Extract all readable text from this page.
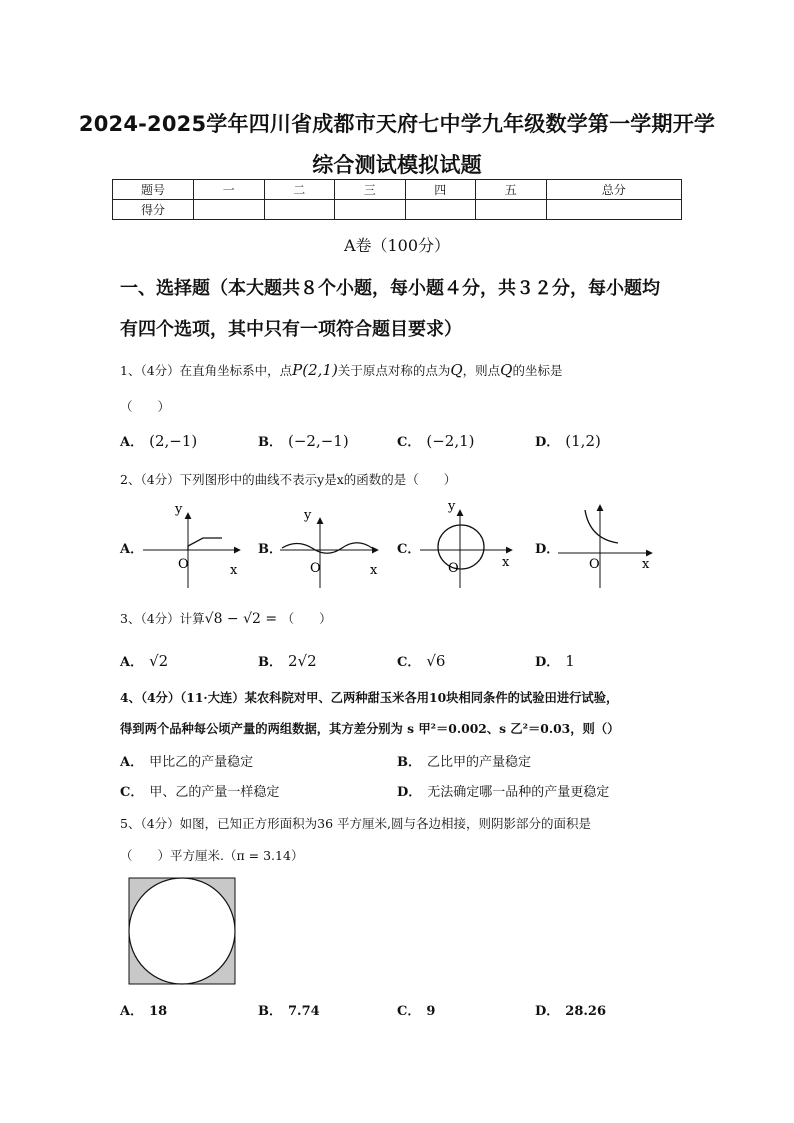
2024-2025学年四川省成都市天府七中学九年级数学第一学期开学
综合测试模拟试题
题号	一	二	三	四	五	总分
得分						
A卷（100分）
一、选择题（本大题共８个小题，每小题４分，共３２分，每小题均
有四个选项，其中只有一项符合题目要求）
1、（4分）在直角坐标系中，点P(2,1)关于原点对称的点为Q，则点Q的坐标是
（　　）
A． (2,−1)	B． (−2,−1)	C． (−2,1)	D． (1,2)
2、（4分）下列图形中的曲线不表示y是x的函数的是（　　）
A．	B．	C．	D．
y
O	x
y
O	x
y
O	x	O	x
3、（4分）计算√8 − √2 = （　　）
A． √2	B． 2√2	C． √6	D． 1
4、（4分）（11·大连）某农科院对甲、乙两种甜玉米各用10块相同条件的试验田进行试验，
得到两个品种每公顷产量的两组数据，其方差分别为 s 甲²＝0.002、s 乙²＝0.03，则（）
A． 甲比乙的产量稳定	B． 乙比甲的产量稳定
C． 甲、乙的产量一样稳定	D． 无法确定哪一品种的产量更稳定
5、（4分）如图，已知正方形面积为36 平方厘米,圆与各边相接，则阴影部分的面积是
（　　）平方厘米.（π = 3.14）
A． 18	B． 7.74	C． 9	D． 28.26
